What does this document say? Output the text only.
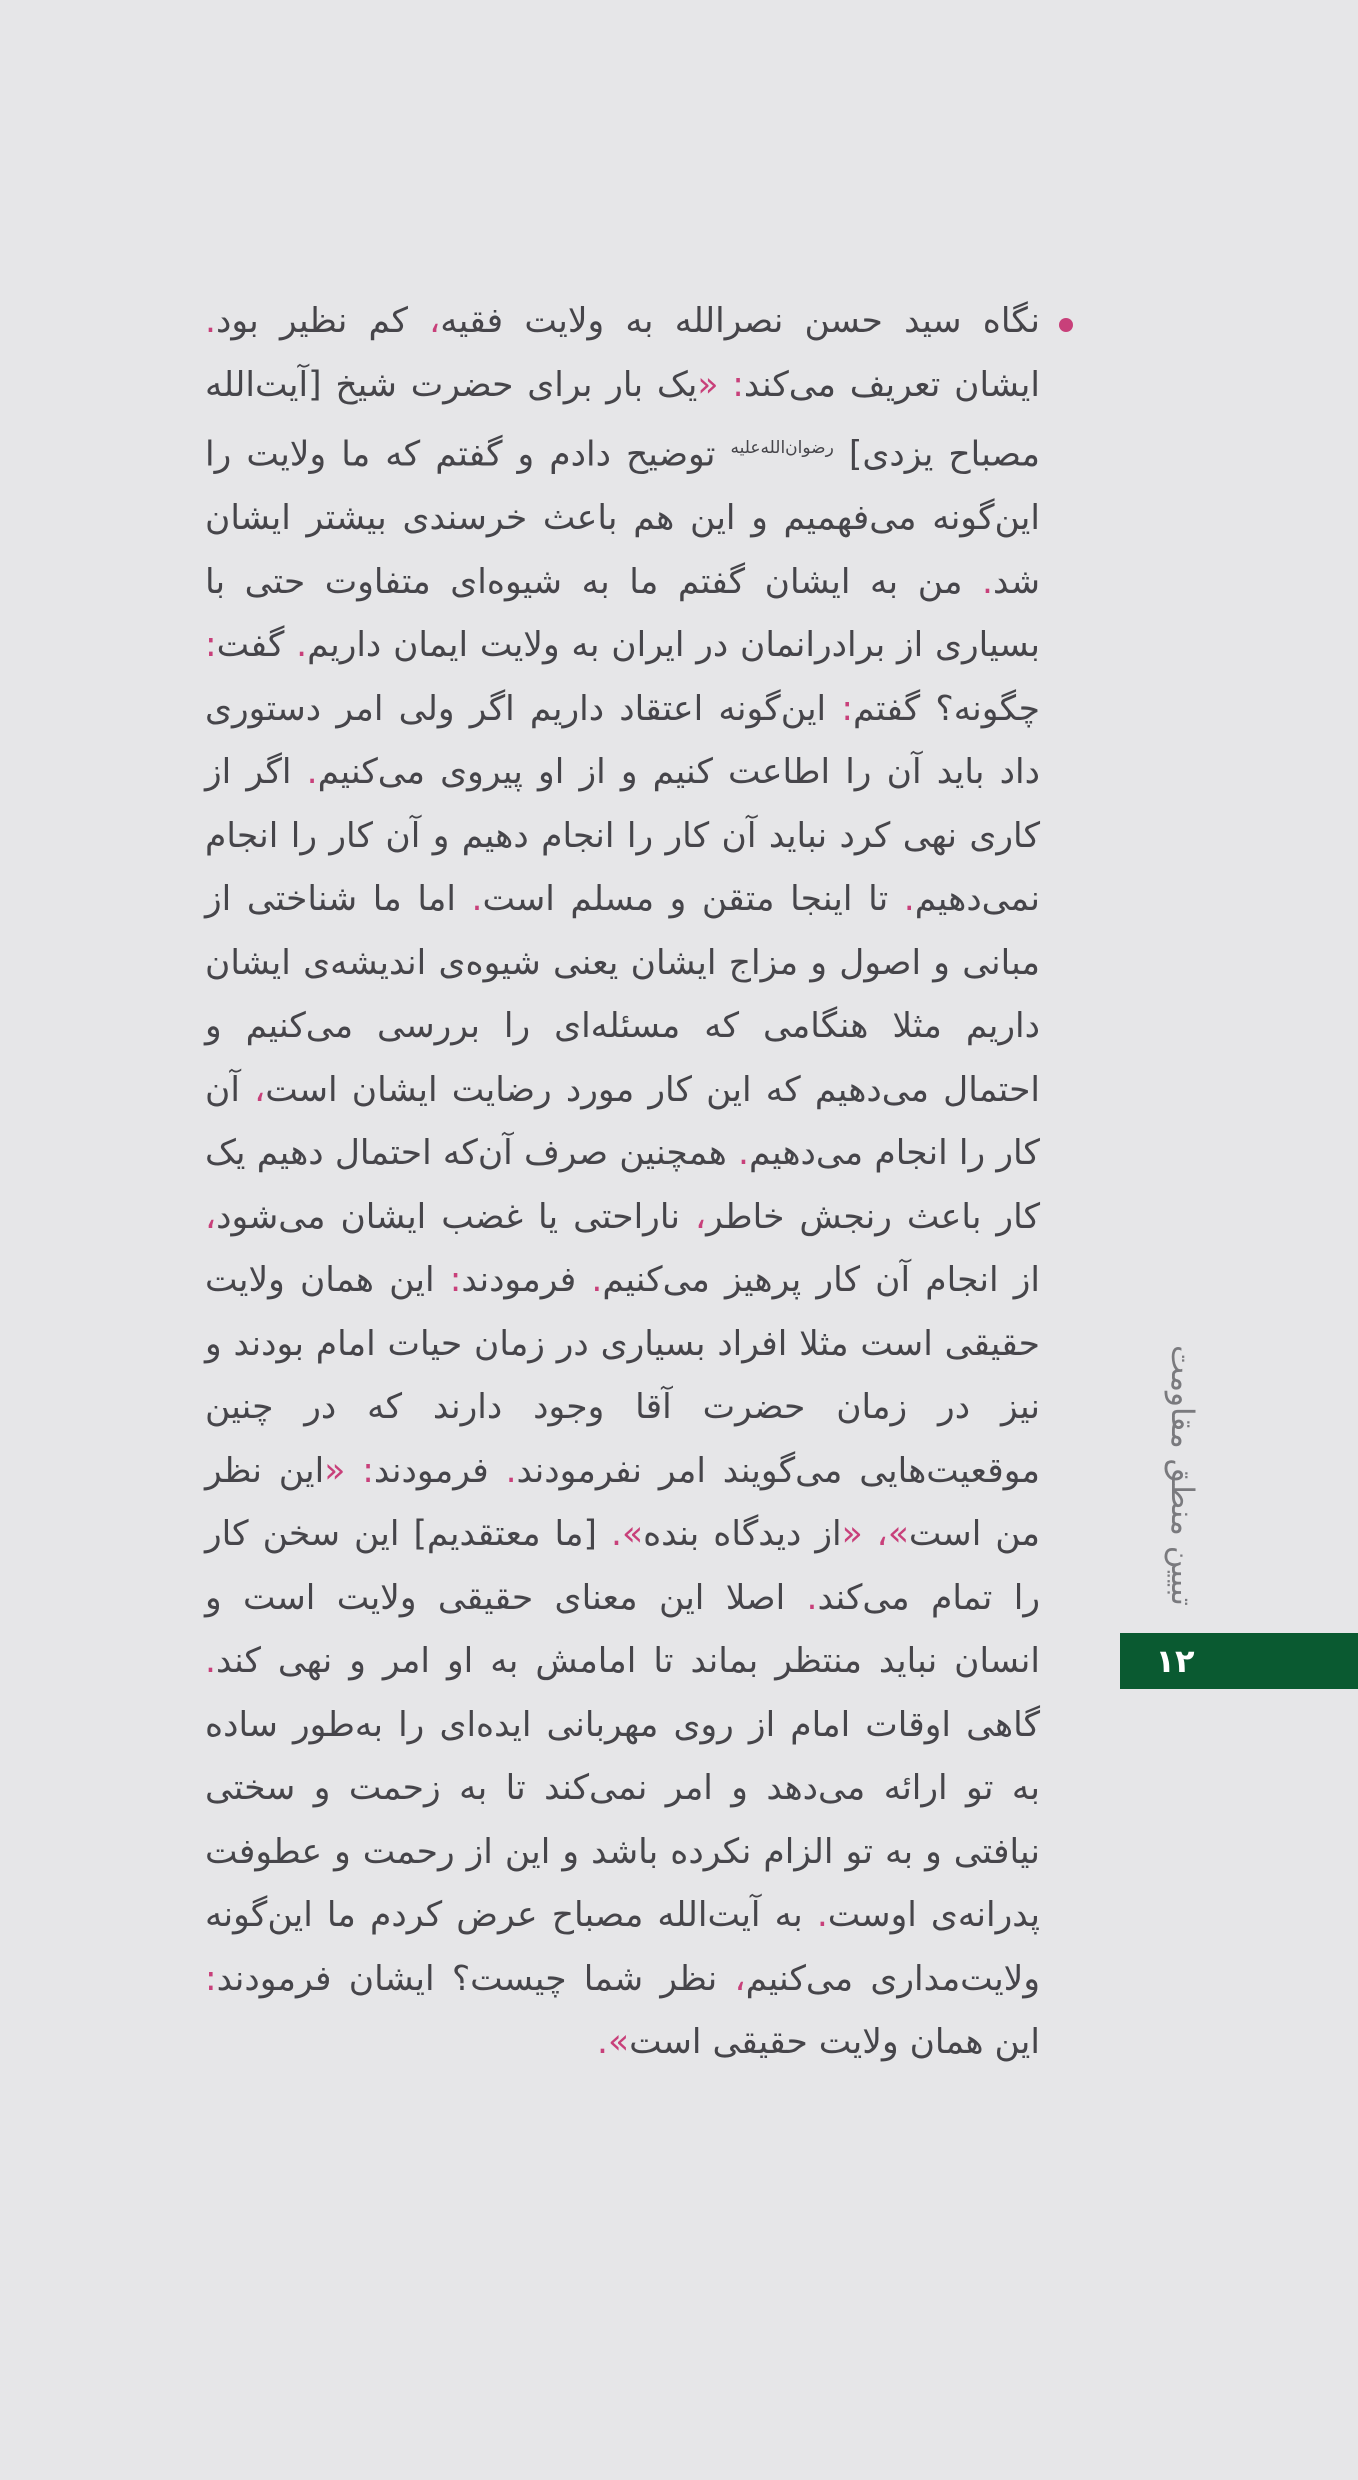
نگاه سید حسن نصرالله به ولایت فقیه، کم نظیر بود. ایشان تعریف می‌کند: «یک بار برای حضرت شیخ [آیت‌الله مصباح یزدی] $^{رضوان‌الله‌علیه}$ توضیح دادم و گفتم که ما ولایت را این‌گونه می‌فهمیم و این هم باعث خرسندی بیشتر ایشان شد. من به ایشان گفتم ما به شیوه‌ای متفاوت حتی با بسیاری از برادرانمان در ایران به ولایت ایمان داریم. گفت: چگونه؟ گفتم: این‌گونه اعتقاد داریم اگر ولی امر دستوری داد باید آن را اطاعت کنیم و از او پیروی می‌کنیم. اگر از کاری نهی کرد نباید آن کار را انجام دهیم و آن کار را انجام نمی‌دهیم. تا اینجا متقن و مسلم است. اما ما شناختی از مبانی و اصول و مزاج ایشان یعنی شیوه‌ی اندیشه‌ی ایشان داریم مثلا هنگامی که مسئله‌ای را بررسی می‌کنیم و احتمال می‌دهیم که این کار مورد رضایت ایشان است، آن کار را انجام می‌دهیم. همچنین صرف آن‌که احتمال دهیم یک کار باعث رنجش خاطر، ناراحتی یا غضب ایشان می‌شود، از انجام آن کار پرهیز می‌کنیم. فرمودند: این همان ولایت حقیقی است مثلا افراد بسیاری در زمان حیات امام بودند و نیز در زمان حضرت آقا وجود دارند که در چنین موقعیت‌هایی می‌گویند امر نفرمودند. فرمودند: «این نظر من است»، «از دیدگاه بنده». [ما معتقدیم] این سخن کار را تمام می‌کند. اصلا این معنای حقیقی ولایت است و انسان نباید منتظر بماند تا امامش به او امر و نهی کند. گاهی اوقات امام از روی مهربانی ایده‌ای را به‌طور ساده به تو ارائه می‌دهد و امر نمی‌کند تا به زحمت و سختی نیافتی و به تو الزام نکرده باشد و این از رحمت و عطوفت پدرانه‌ی اوست. به آیت‌الله مصباح عرض کردم ما این‌گونه ولایت‌مداری می‌کنیم، نظر شما چیست؟ ایشان فرمودند: این همان ولایت حقیقی است».
تبیین منطق مقاومت
۱۲
